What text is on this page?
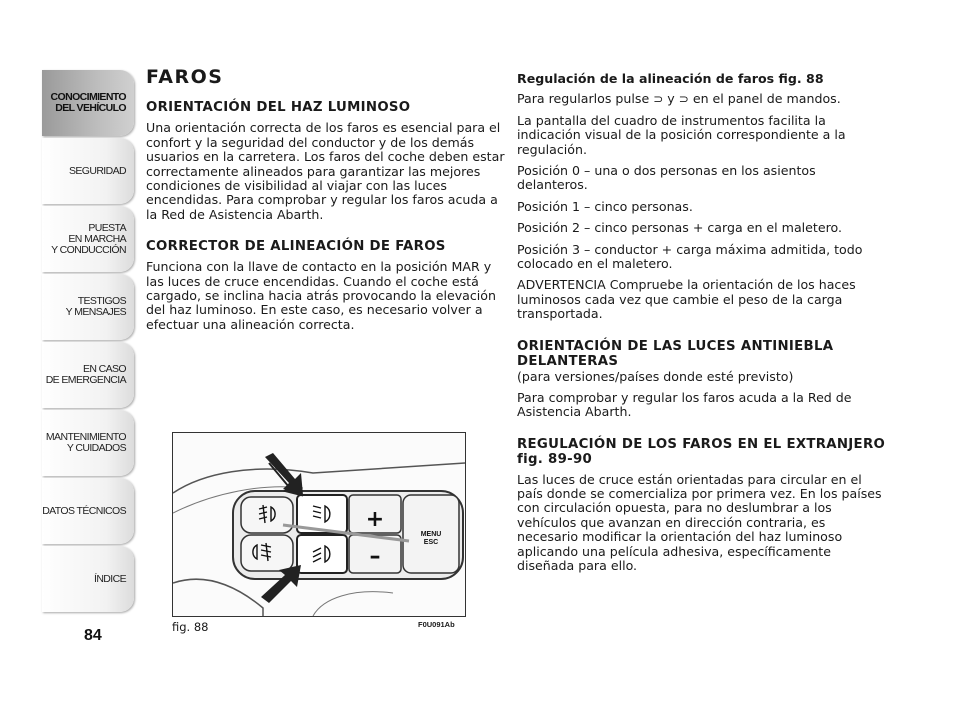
CONOCIMIENTO
DEL VEHÍCULO
SEGURIDAD
PUESTA
EN MARCHA
Y CONDUCCIÓN
TESTIGOS
Y MENSAJES
EN CASO
DE EMERGENCIA
MANTENIMIENTO
Y CUIDADOS
DATOS TÉCNICOS
ÍNDICE
84
FAROS
ORIENTACIÓN DEL HAZ LUMINOSO

Una orientación correcta de los faros es esencial para el confort y la seguridad del conductor y de los demás usuarios en la carretera. Los faros del coche deben estar correctamente alineados para garantizar las mejores condiciones de visibilidad al viajar con las luces encendidas. Para comprobar y regular los faros acuda a la Red de Asistencia Abarth.

CORRECTOR DE ALINEACIÓN DE FAROS

Funciona con la llave de contacto en la posición MAR y las luces de cruce encendidas. Cuando el coche está cargado, se inclina hacia atrás provocando la elevación del haz luminoso. En este caso, es necesario volver a efectuar una alineación correcta.

+
–
MENU
ESC
fig. 88	F0U091Ab

Regulación de la alineación de faros fig. 88

Para regularlos pulse ⊃ y ⊃ en el panel de mandos.

La pantalla del cuadro de instrumentos facilita la indicación visual de la posición correspondiente a la regulación.

Posición 0 – una o dos personas en los asientos delanteros.

Posición 1 – cinco personas.

Posición 2 – cinco personas + carga en el maletero.

Posición 3 – conductor + carga máxima admitida, todo colocado en el maletero.

ADVERTENCIA Compruebe la orientación de los haces luminosos cada vez que cambie el peso de la carga transportada.

ORIENTACIÓN DE LAS LUCES ANTINIEBLA DELANTERAS
(para versiones/países donde esté previsto)

Para comprobar y regular los faros acuda a la Red de Asistencia Abarth.

REGULACIÓN DE LOS FAROS EN EL EXTRANJERO fig. 89-90

Las luces de cruce están orientadas para circular en el país donde se comercializa por primera vez. En los países con circulación opuesta, para no deslumbrar a los vehículos que avanzan en dirección contraria, es necesario modificar la orientación del haz luminoso aplicando una película adhesiva, específicamente diseñada para ello.
